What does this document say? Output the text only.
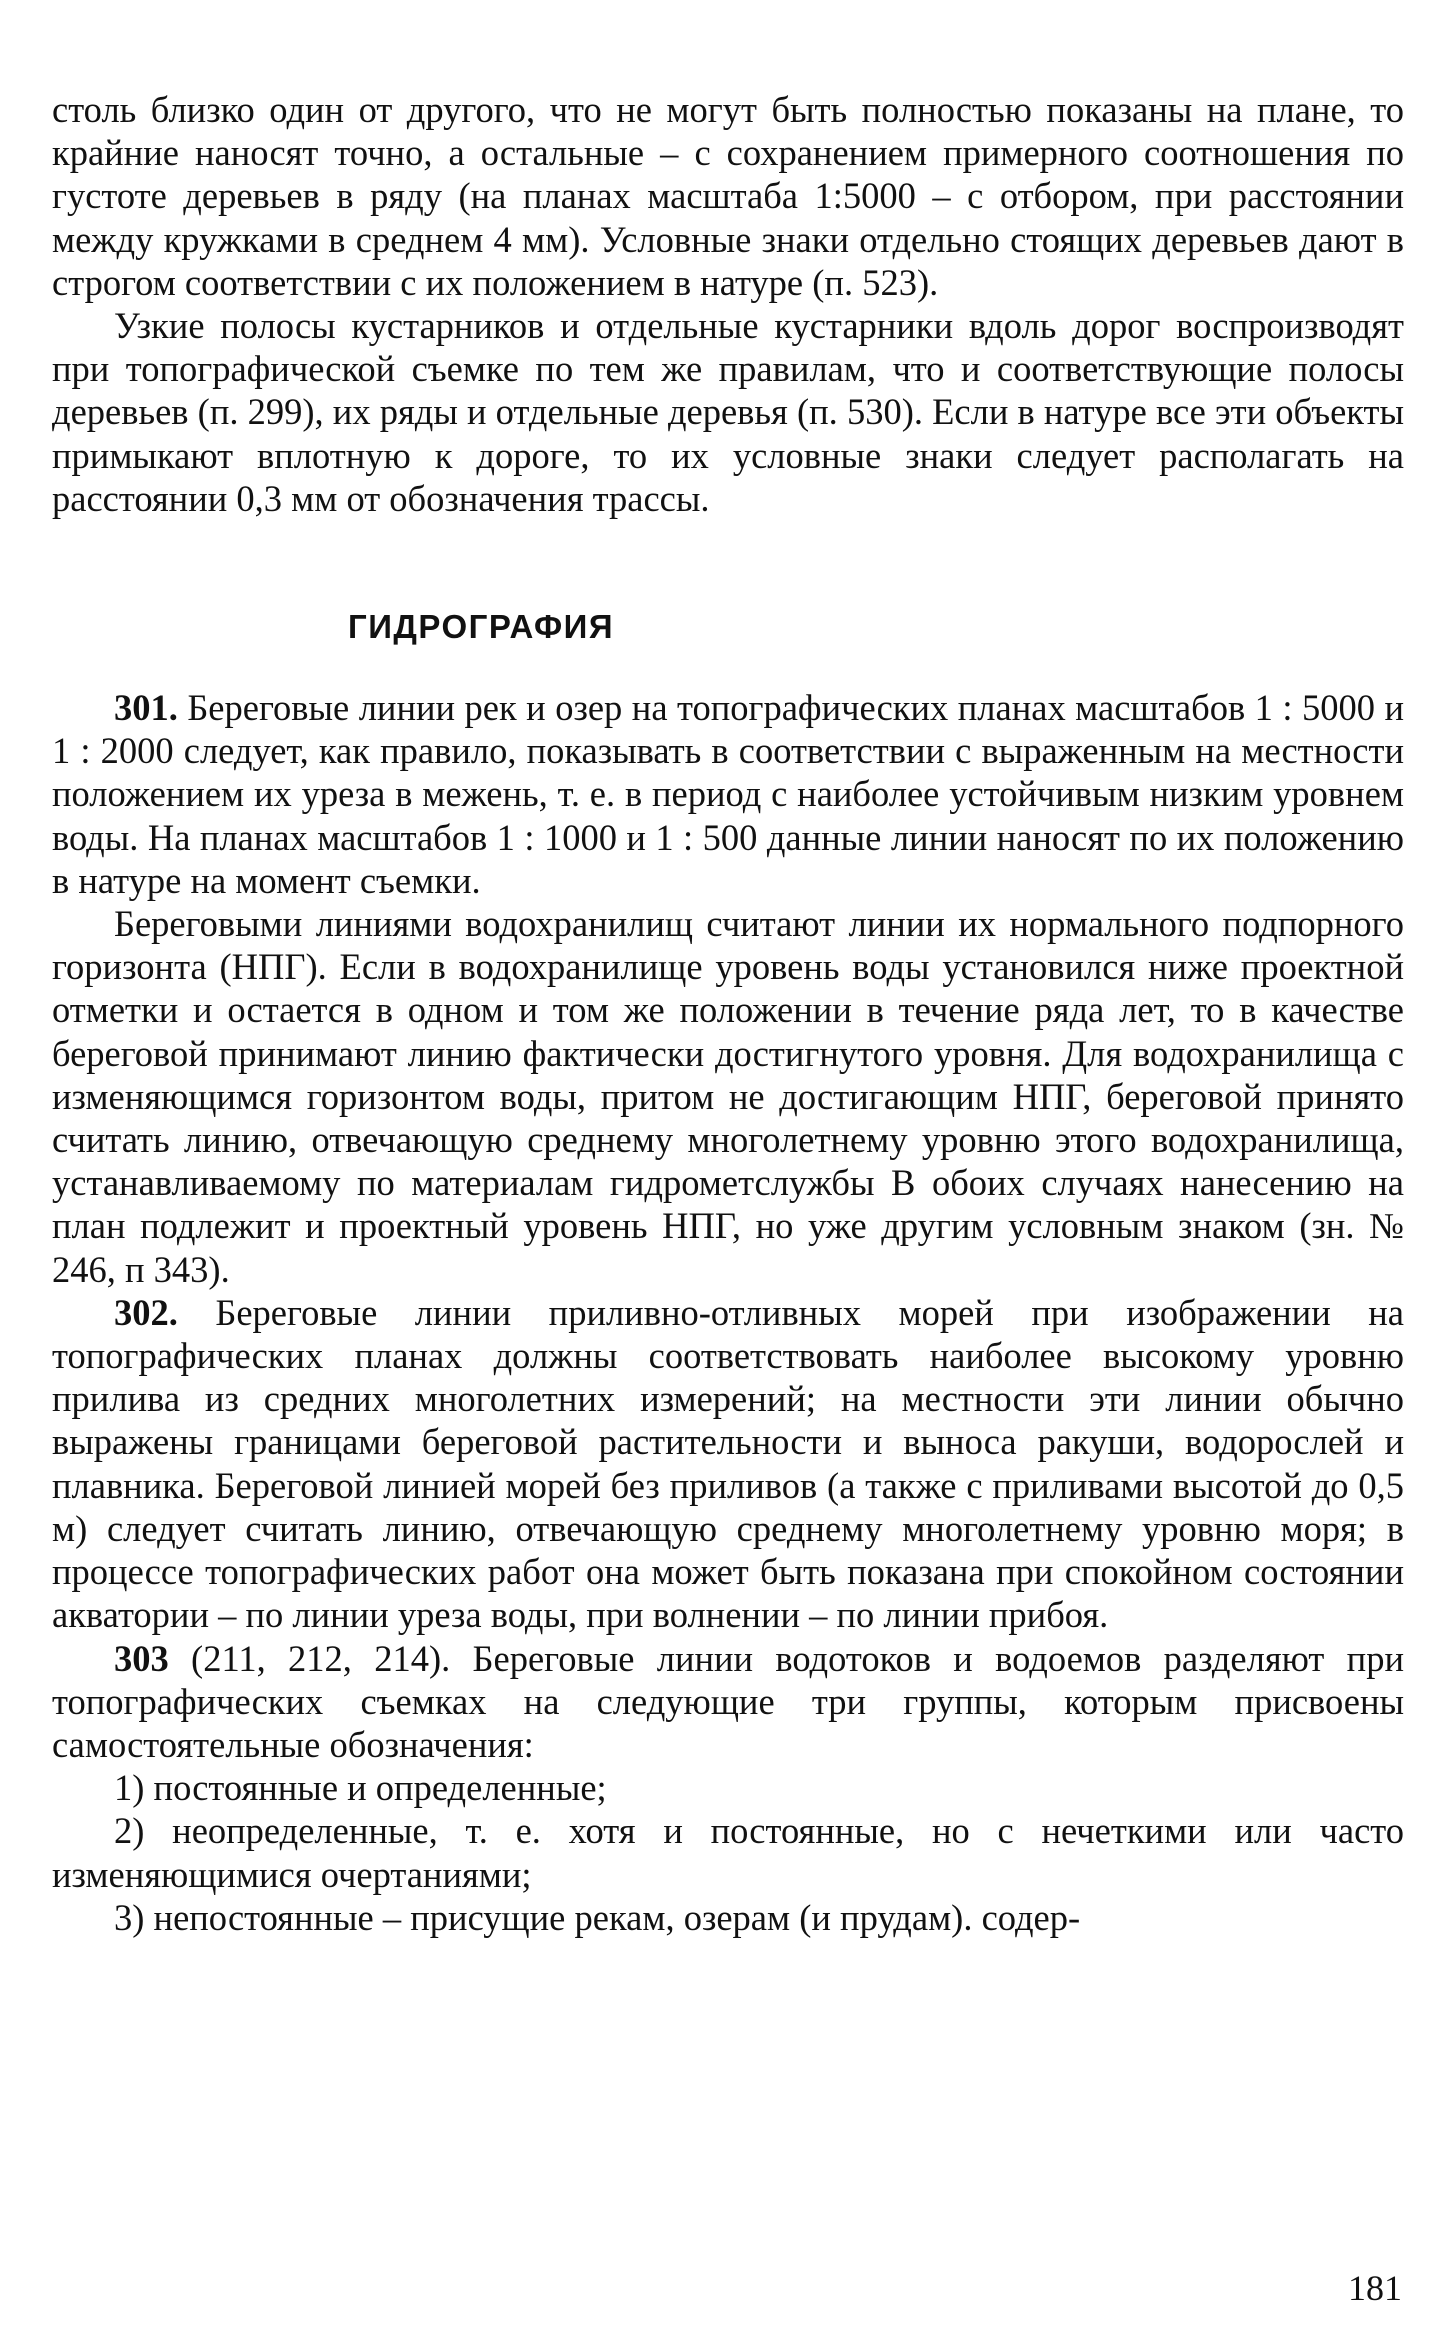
столь близко один от другого, что не могут быть полностью показаны на плане, то крайние наносят точно, а остальные – с сохранением примерного соотношения по густоте деревьев в ряду (на планах масштаба 1:5000 – с отбором, при расстоянии между кружками в среднем 4 мм). Условные знаки отдельно стоящих деревьев дают в строгом соответствии с их положением в натуре (п. 523).

Узкие полосы кустарников и отдельные кустарники вдоль дорог воспроизводят при топографической съемке по тем же правилам, что и соответствующие полосы деревьев (п. 299), их ряды и отдельные деревья (п. 530). Если в натуре все эти объекты примыкают вплотную к дороге, то их условные знаки следует располагать на расстоянии 0,3 мм от обозначения трассы.

ГИДРОГРАФИЯ

301. Береговые линии рек и озер на топографических планах масштабов 1 : 5000 и 1 : 2000 следует, как правило, показывать в соответствии с выраженным на местности положением их уреза в межень, т. е. в период с наиболее устойчивым низким уровнем воды. На планах масштабов 1 : 1000 и 1 : 500 данные линии наносят по их положению в натуре на момент съемки.

Береговыми линиями водохранилищ считают линии их нормального подпорного горизонта (НПГ). Если в водохранилище уровень воды установился ниже проектной отметки и остается в одном и том же положении в течение ряда лет, то в качестве береговой принимают линию фактически достигнутого уровня. Для водохранилища с изменяющимся горизонтом воды, притом не достигающим НПГ, береговой принято считать линию, отвечающую среднему многолетнему уровню этого водохранилища, устанавливаемому по материалам гидрометслужбы В обоих случаях нанесению на план подлежит и проектный уровень НПГ, но уже другим условным знаком (зн. № 246, п 343).

302. Береговые линии приливно-отливных морей при изображении на топографических планах должны соответствовать наиболее высокому уровню прилива из средних многолетних измерений; на местности эти линии обычно выражены границами береговой растительности и выноса ракуши, водорослей и плавника. Береговой линией морей без приливов (а также с приливами высотой до 0,5 м) следует считать линию, отвечающую среднему многолетнему уровню моря; в процессе топографических работ она может быть показана при спокойном состоянии акватории – по линии уреза воды, при волнении – по линии прибоя.

303 (211, 212, 214). Береговые линии водотоков и водоемов разделяют при топографических съемках на следующие три группы, которым присвоены самостоятельные обозначения:

1) постоянные и определенные;

2) неопределенные, т. е. хотя и постоянные, но с нечеткими или часто изменяющимися очертаниями;

3) непостоянные – присущие рекам, озерам (и прудам). содер-

181
